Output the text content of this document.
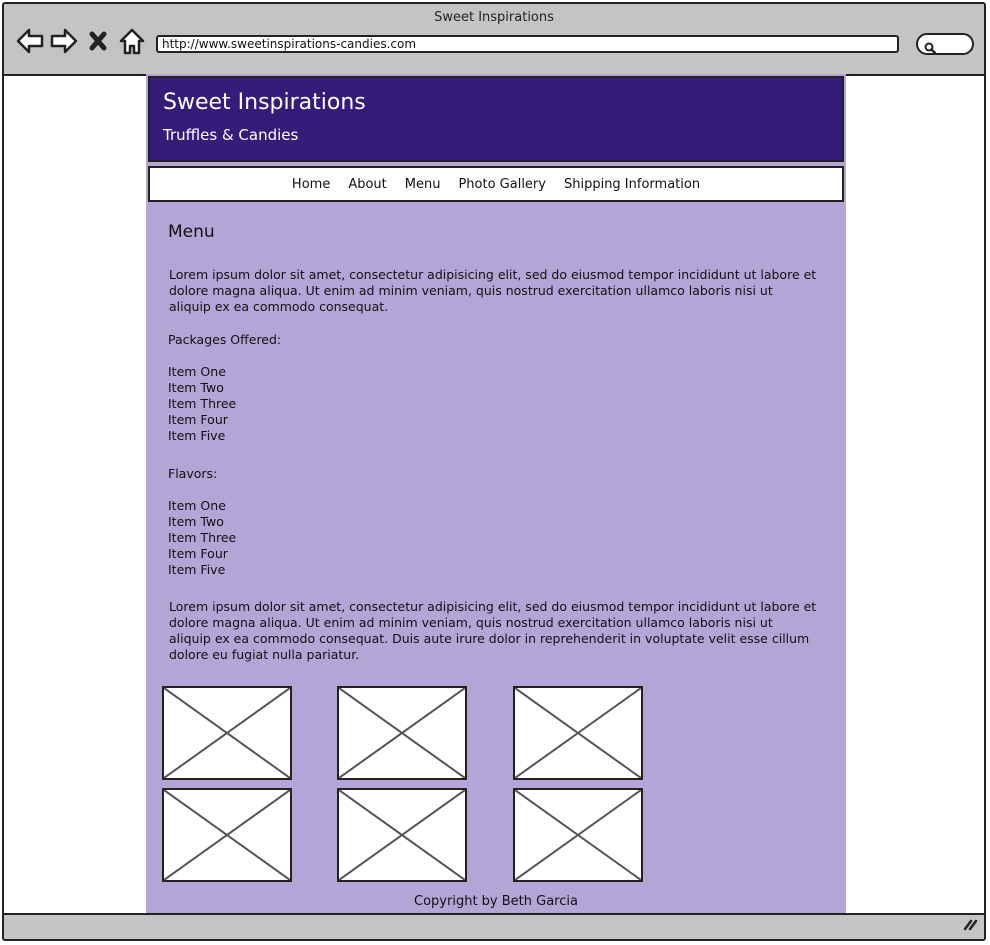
Sweet Inspirations
http://www.sweetinspirations-candies.com
Sweet Inspirations
Truffles & Candies
Home About Menu Photo Gallery Shipping Information
Menu

Lorem ipsum dolor sit amet, consectetur adipisicing elit, sed do eiusmod tempor incididunt ut labore et dolore magna aliqua. Ut enim ad minim veniam, quis nostrud exercitation ullamco laboris nisi ut aliquip ex ea commodo consequat.

Packages Offered:

Item One
Item Two
Item Three
Item Four
Item Five

Flavors:

Item One
Item Two
Item Three
Item Four
Item Five

Lorem ipsum dolor sit amet, consectetur adipisicing elit, sed do eiusmod tempor incididunt ut labore et dolore magna aliqua. Ut enim ad minim veniam, quis nostrud exercitation ullamco laboris nisi ut aliquip ex ea commodo consequat. Duis aute irure dolor in reprehenderit in voluptate velit esse cillum dolore eu fugiat nulla pariatur.

Copyright by Beth Garcia
